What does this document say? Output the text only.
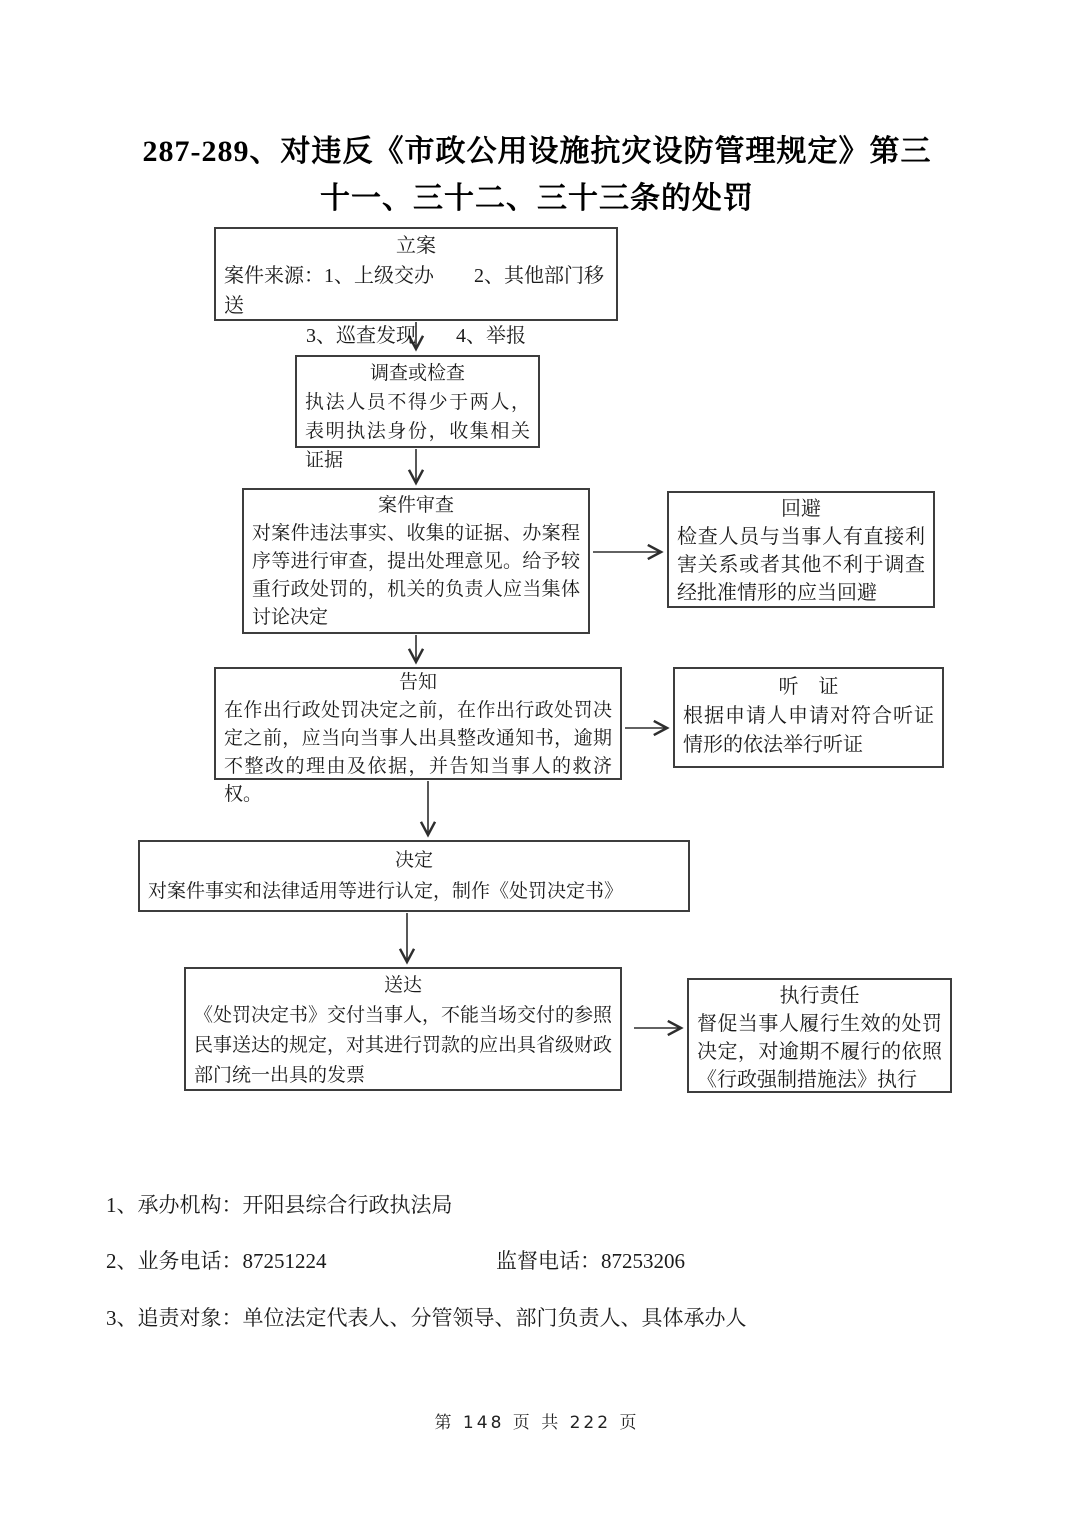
287-289、对违反《市政公用设施抗灾设防管理规定》第三
十一、三十二、三十三条的处罚
立案
案件来源：1、上级交办　　2、其他部门移送
3、巡查发现　　4、举报
调查或检查
执法人员不得少于两人，表明执法身份，收集相关证据
案件审查
对案件违法事实、收集的证据、办案程序等进行审查，提出处理意见。给予较重行政处罚的，机关的负责人应当集体讨论决定
回避
检查人员与当事人有直接利害关系或者其他不利于调查经批准情形的应当回避
告知
在作出行政处罚决定之前，在作出行政处罚决定之前，应当向当事人出具整改通知书，逾期不整改的理由及依据，并告知当事人的救济权。
听　证
根据申请人申请对符合听证情形的依法举行听证
决定
对案件事实和法律适用等进行认定，制作《处罚决定书》
送达
《处罚决定书》交付当事人，不能当场交付的参照民事送达的规定，对其进行罚款的应出具省级财政部门统一出具的发票
执行责任
督促当事人履行生效的处罚决定，对逾期不履行的依照《行政强制措施法》执行
1、承办机构：开阳县综合行政执法局
2、业务电话：87251224	监督电话：87253206
3、追责对象：单位法定代表人、分管领导、部门负责人、具体承办人
第 148 页 共 222 页
